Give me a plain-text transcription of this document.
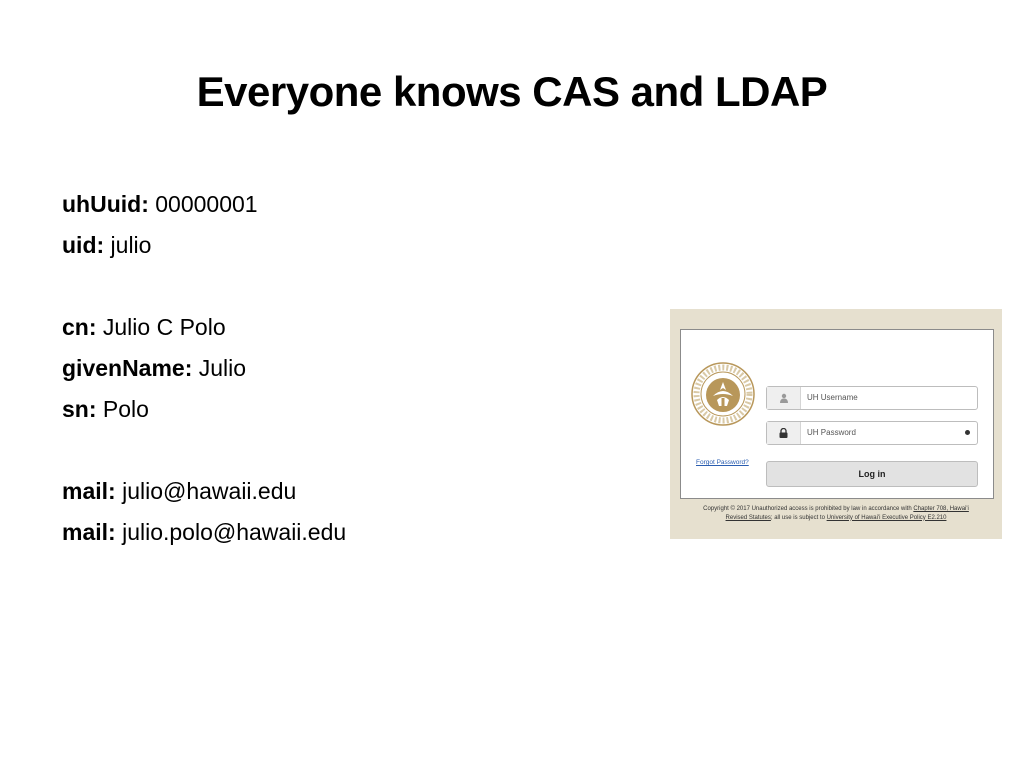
Everyone knows CAS and LDAP
uhUuid: 00000001
uid: julio
cn: Julio C Polo
givenName: Julio
sn: Polo
mail: julio@hawaii.edu
mail: julio.polo@hawaii.edu
Forgot Password?
UH Username
UH Password
Log in
Copyright © 2017 Unauthorized access is prohibited by law in accordance with Chapter 708, Hawai'i
Revised Statutes; all use is subject to University of Hawai'i Executive Policy E2.210
